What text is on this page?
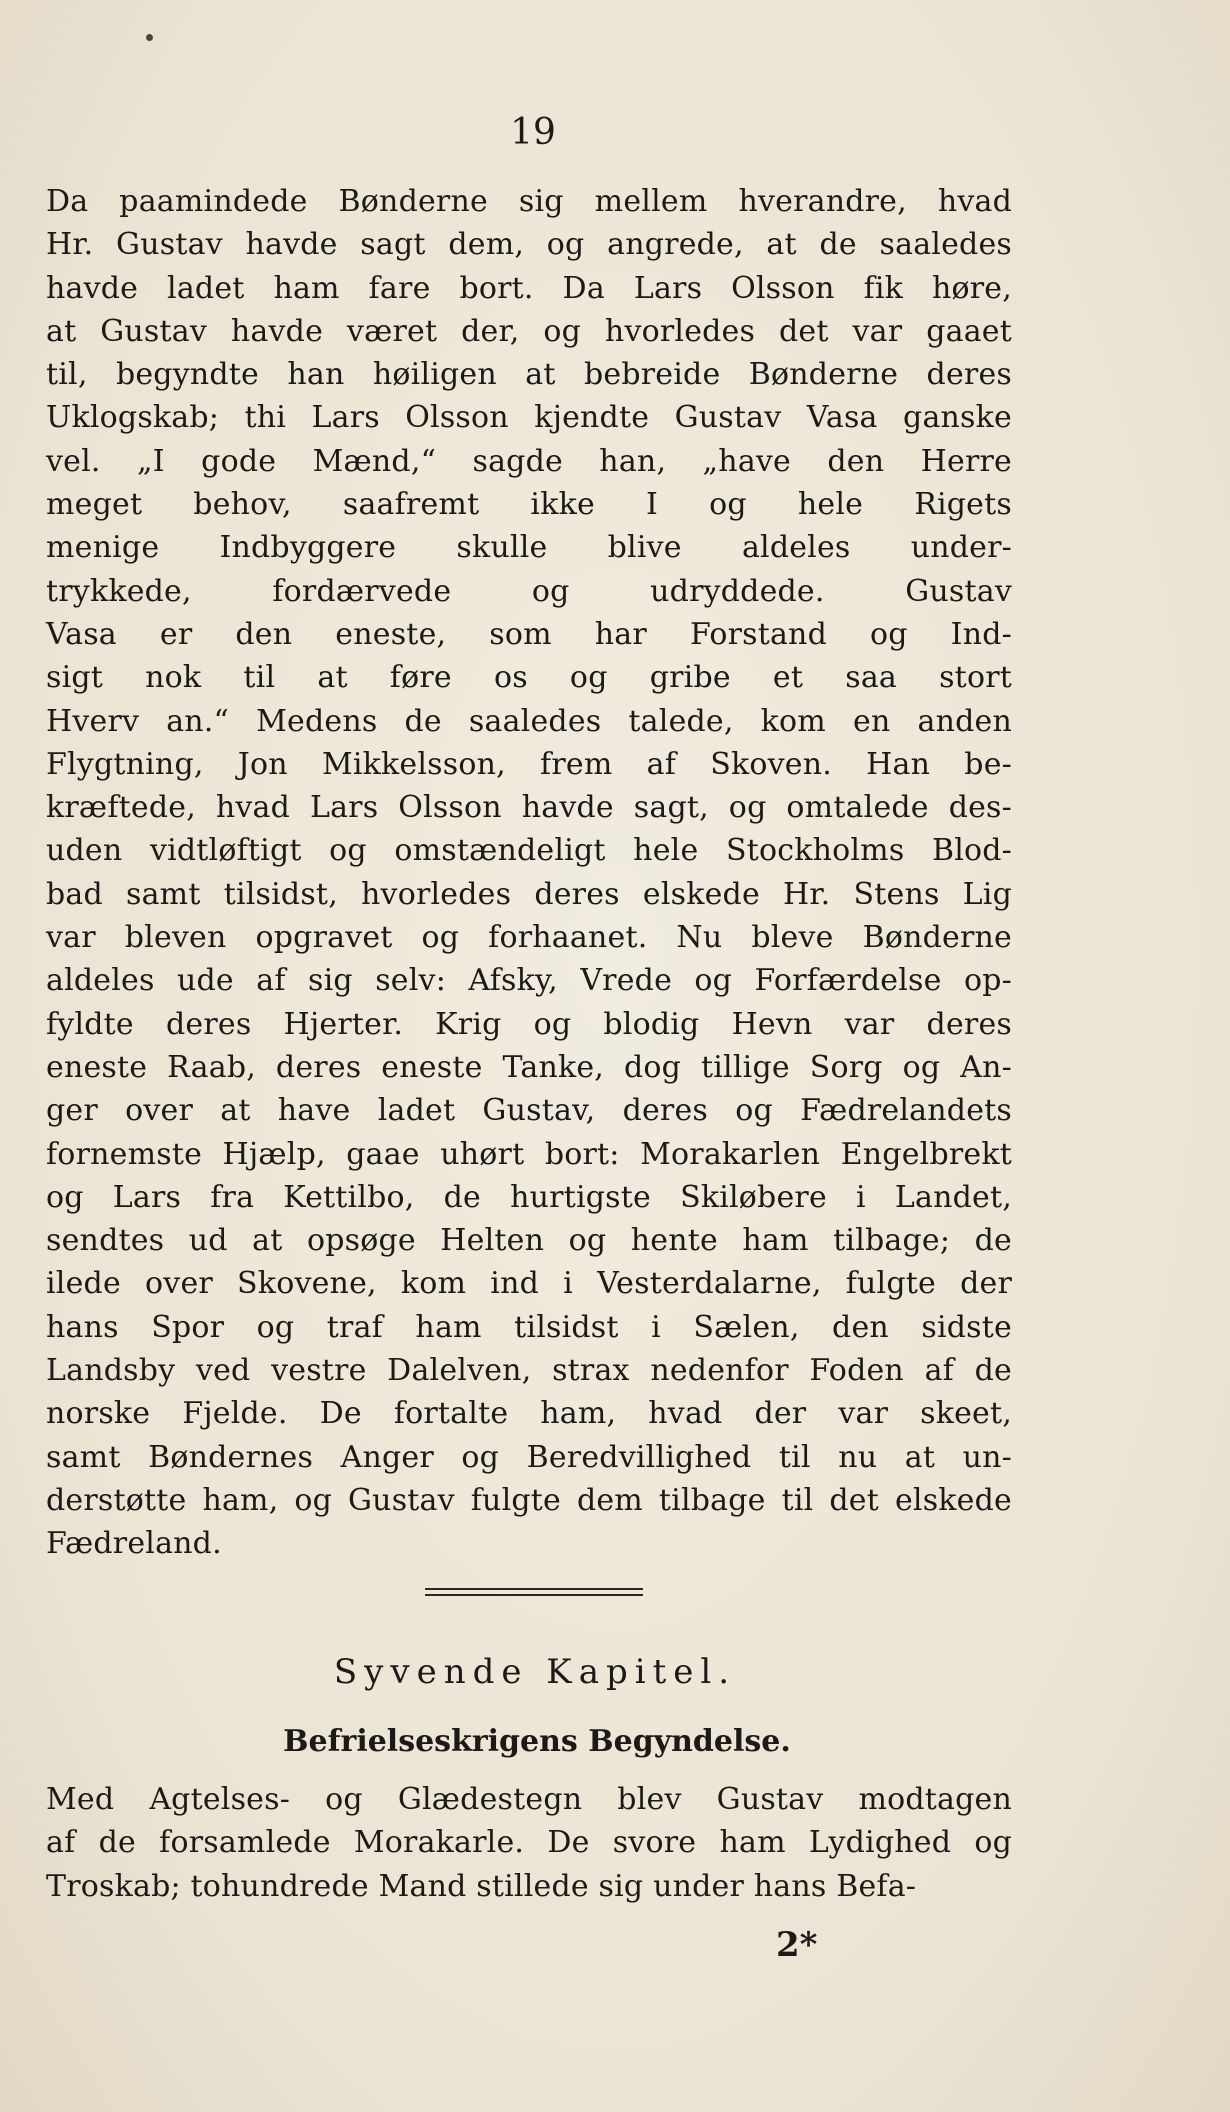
19
Da paamindede Bønderne sig mellem hverandre, hvad
Hr. Gustav havde sagt dem, og angrede, at de saaledes
havde ladet ham fare bort. Da Lars Olsson fik høre,
at Gustav havde været der, og hvorledes det var gaaet
til, begyndte han høiligen at bebreide Bønderne deres
Uklogskab; thi Lars Olsson kjendte Gustav Vasa ganske
vel. „I gode Mænd,“ sagde han, „have den Herre
meget behov, saafremt ikke I og hele Rigets
menige Indbyggere skulle blive aldeles under-
trykkede, fordærvede og udryddede. Gustav
Vasa er den eneste, som har Forstand og Ind-
sigt nok til at føre os og gribe et saa stort
Hverv an.“ Medens de saaledes talede, kom en anden
Flygtning, Jon Mikkelsson, frem af Skoven. Han be-
kræftede, hvad Lars Olsson havde sagt, og omtalede des-
uden vidtløftigt og omstændeligt hele Stockholms Blod-
bad samt tilsidst, hvorledes deres elskede Hr. Stens Lig
var bleven opgravet og forhaanet. Nu bleve Bønderne
aldeles ude af sig selv: Afsky, Vrede og Forfærdelse op-
fyldte deres Hjerter. Krig og blodig Hevn var deres
eneste Raab, deres eneste Tanke, dog tillige Sorg og An-
ger over at have ladet Gustav, deres og Fædrelandets
fornemste Hjælp, gaae uhørt bort: Morakarlen Engelbrekt
og Lars fra Kettilbo, de hurtigste Skiløbere i Landet,
sendtes ud at opsøge Helten og hente ham tilbage; de
ilede over Skovene, kom ind i Vesterdalarne, fulgte der
hans Spor og traf ham tilsidst i Sælen, den sidste
Landsby ved vestre Dalelven, strax nedenfor Foden af de
norske Fjelde. De fortalte ham, hvad der var skeet,
samt Bøndernes Anger og Beredvillighed til nu at un-
derstøtte ham, og Gustav fulgte dem tilbage til det elskede
Fædreland.
Syvende Kapitel.
Befrielseskrigens Begyndelse.
Med Agtelses- og Glædestegn blev Gustav modtagen
af de forsamlede Morakarle. De svore ham Lydighed og
Troskab; tohundrede Mand stillede sig under hans Befa-
2*
